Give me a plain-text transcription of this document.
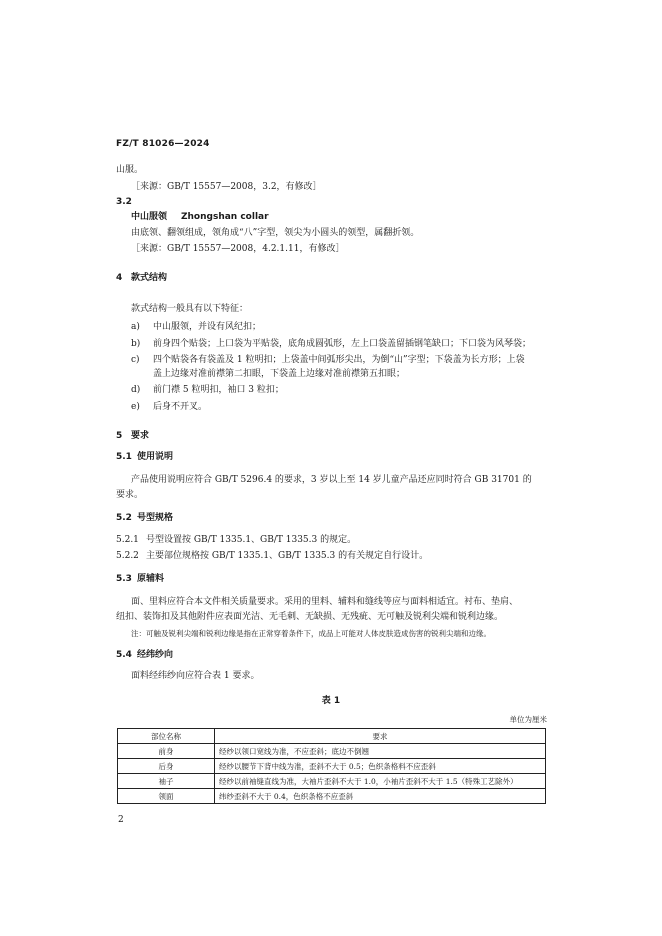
FZ/T 81026—2024
山服。
［来源：GB/T 15557—2008，3.2，有修改］
3.2
中山服领 Zhongshan collar
由底领、翻领组成，领角成“八”字型，领尖为小圆头的领型，属翻折领。
［来源：GB/T 15557—2008，4.2.1.11，有修改］
4 款式结构
款式结构一般具有以下特征：
a) 中山服领，并设有风纪扣；
b) 前身四个贴袋；上口袋为平贴袋，底角成圆弧形，左上口袋盖留插钢笔缺口；下口袋为风琴袋；
c) 四个贴袋各有袋盖及 1 粒明扣；上袋盖中间弧形尖出，为倒“山”字型；下袋盖为长方形；上袋
盖上边缘对准前襟第二扣眼，下袋盖上边缘对准前襟第五扣眼；
d) 前门襟 5 粒明扣，袖口 3 粒扣；
e) 后身不开叉。
5 要求
5.1 使用说明
产品使用说明应符合 GB/T 5296.4 的要求，3 岁以上至 14 岁儿童产品还应同时符合 GB 31701 的
要求。
5.2 号型规格
5.2.1 号型设置按 GB/T 1335.1、GB/T 1335.3 的规定。
5.2.2 主要部位规格按 GB/T 1335.1、GB/T 1335.3 的有关规定自行设计。
5.3 原辅料
面、里料应符合本文件相关质量要求。采用的里料、辅料和缝线等应与面料相适宜。衬布、垫肩、
纽扣、装饰扣及其他附件应表面光洁、无毛刺、无缺损、无残疵、无可触及锐利尖端和锐利边缘。
注：可触及锐利尖端和锐利边缘是指在正常穿着条件下，成品上可能对人体皮肤造成伤害的锐利尖端和边缘。
5.4 经纬纱向
面料经纬纱向应符合表 1 要求。
表 1
单位为厘米
部位名称	要求
前身	经纱以领口宽线为准，不应歪斜；底边不倒翘
后身	经纱以腰节下背中线为准，歪斜不大于 0.5；色织条格料不应歪斜
袖子	经纱以前袖缝直线为准，大袖片歪斜不大于 1.0，小袖片歪斜不大于 1.5（特殊工艺除外）
领面	纬纱歪斜不大于 0.4，色织条格不应歪斜
2
